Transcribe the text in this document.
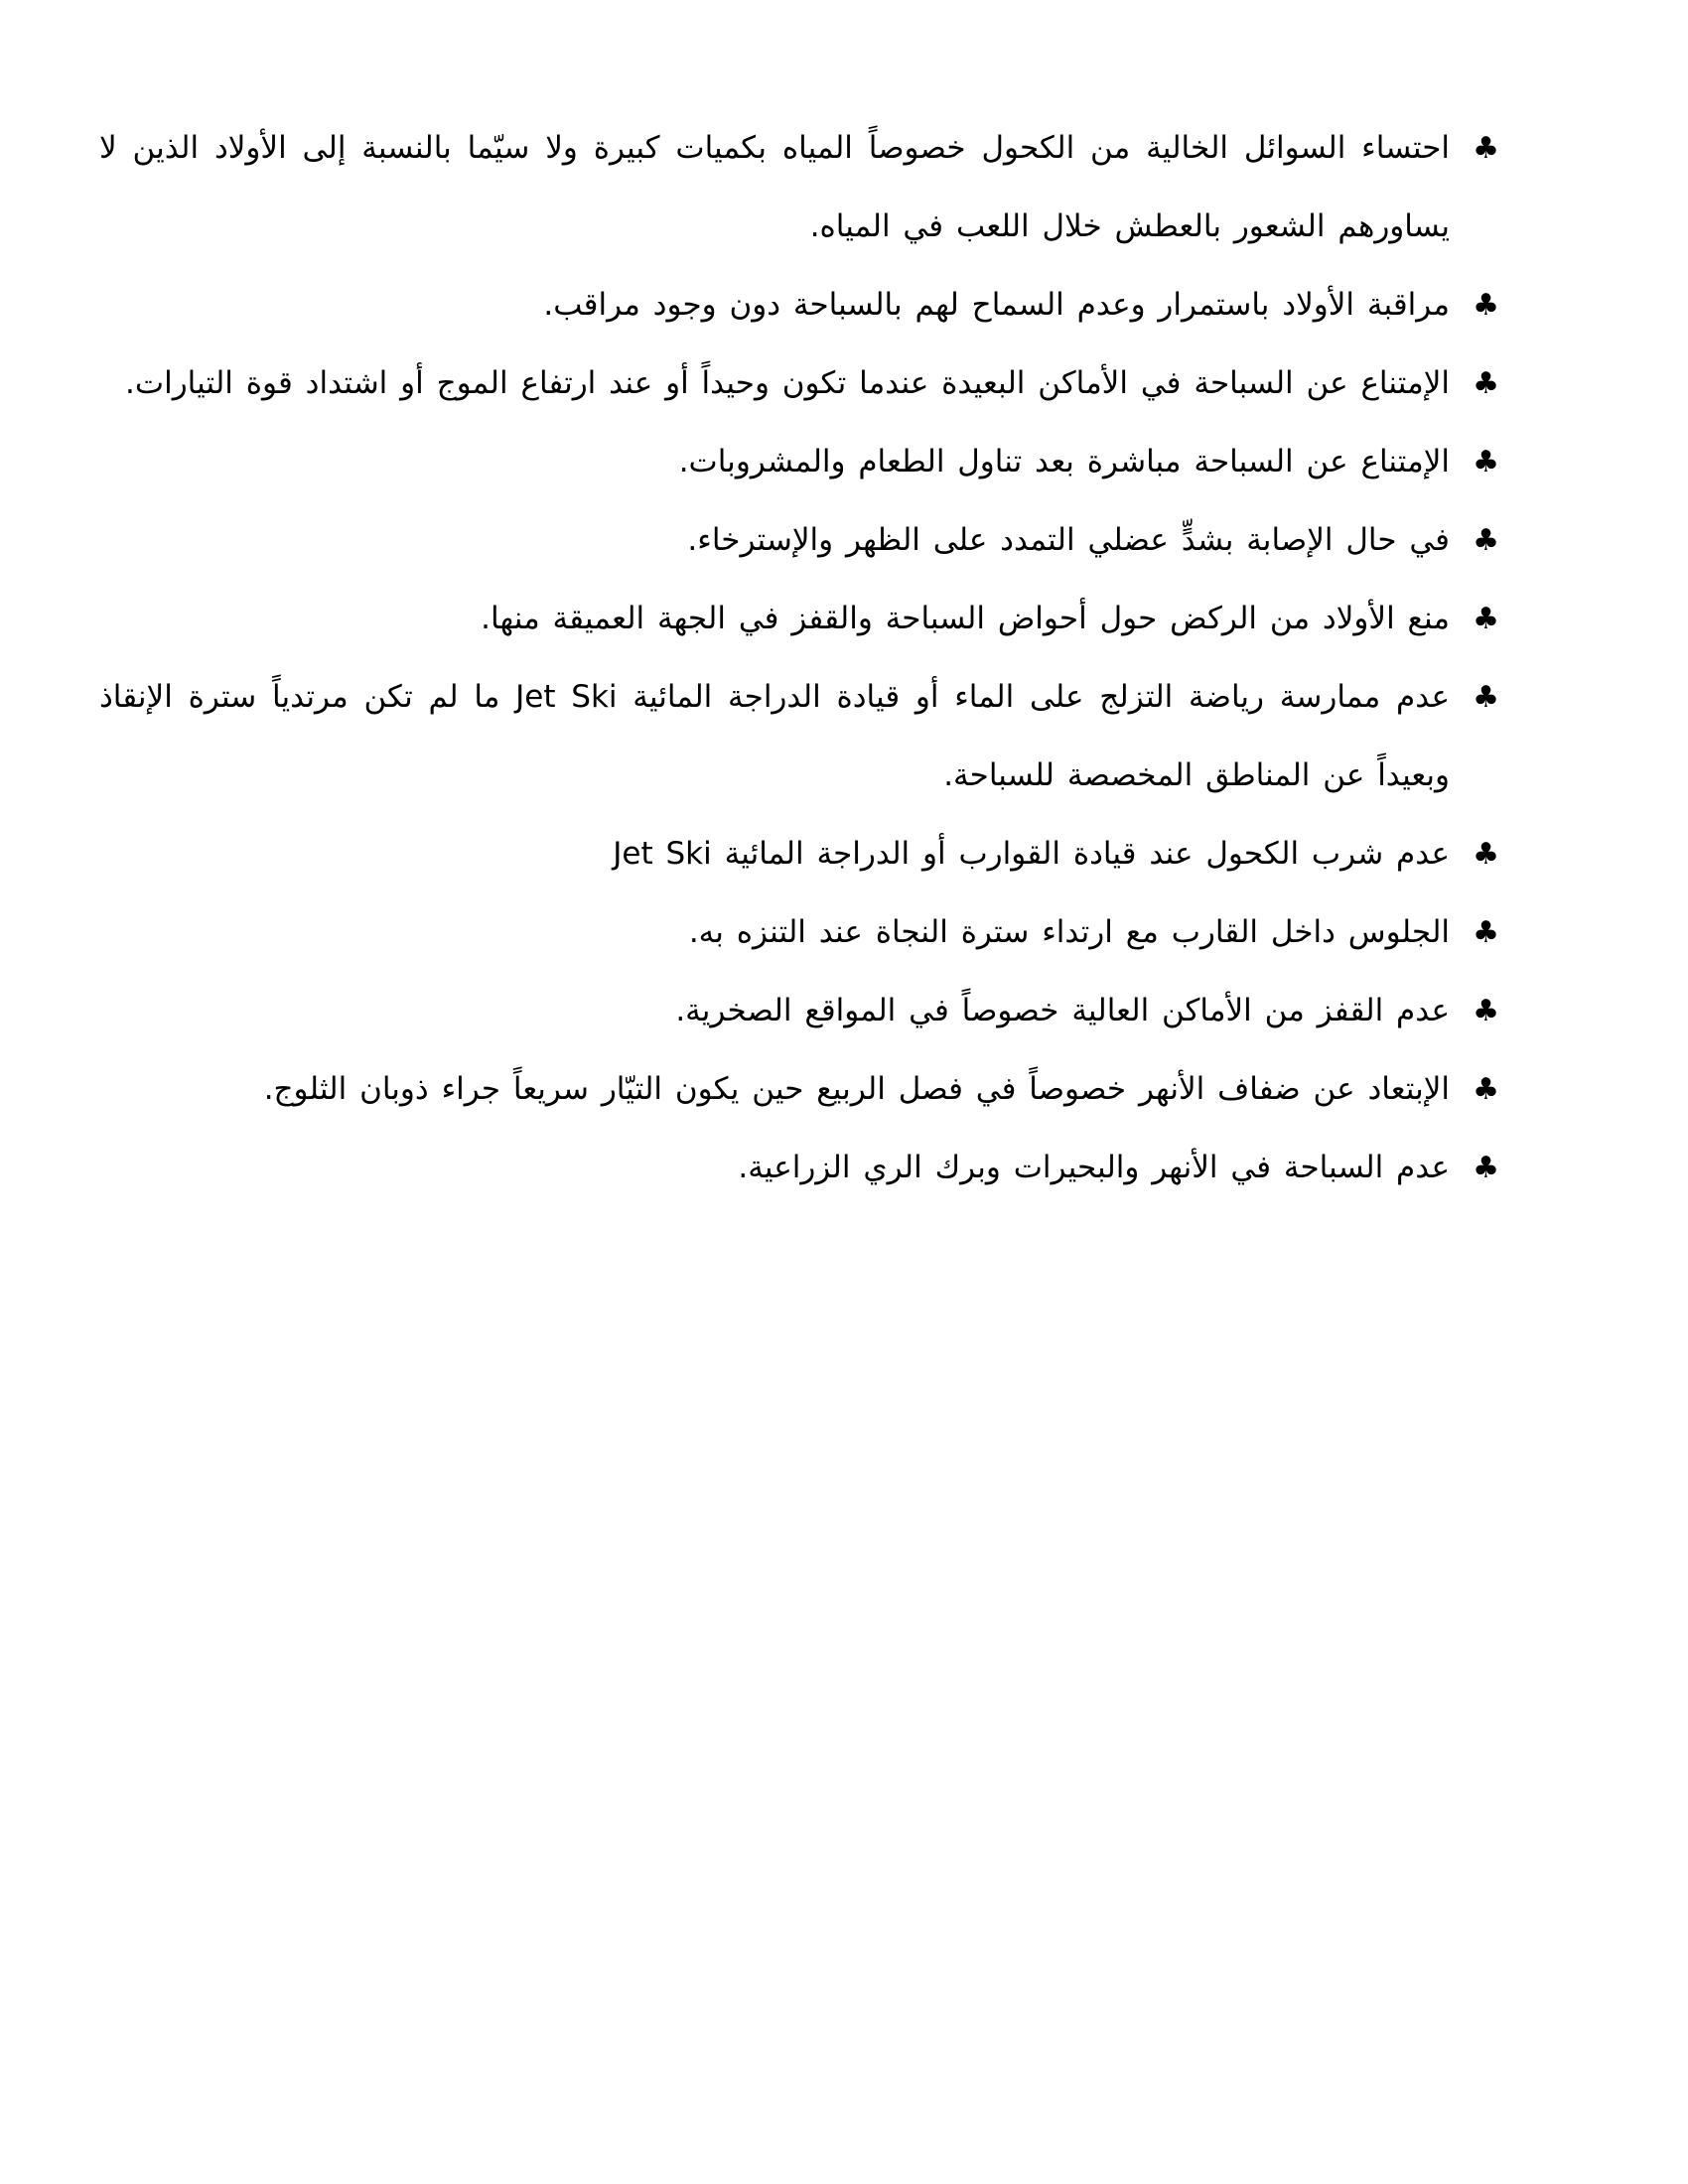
♣
احتساء السوائل الخالية من الكحول خصوصاً المياه بكميات كبيرة ولا سيّما بالنسبة إلى الأولاد الذين لا يساورهم الشعور بالعطش خلال اللعب في المياه.
♣
مراقبة الأولاد باستمرار وعدم السماح لهم بالسباحة دون وجود مراقب.
♣
الإمتناع عن السباحة في الأماكن البعيدة عندما تكون وحيداً أو عند ارتفاع الموج أو اشتداد قوة التيارات.
♣
الإمتناع عن السباحة مباشرة بعد تناول الطعام والمشروبات.
♣
في حال الإصابة بشدٍّ عضلي التمدد على الظهر والإسترخاء.
♣
منع الأولاد من الركض حول أحواض السباحة والقفز في الجهة العميقة منها.
♣
عدم ممارسة رياضة التزلج على الماء أو قيادة الدراجة المائية Jet Ski ما لم تكن مرتدياً سترة الإنقاذ وبعيداً عن المناطق المخصصة للسباحة.
♣
عدم شرب الكحول عند قيادة القوارب أو الدراجة المائية Jet Ski
♣
الجلوس داخل القارب مع ارتداء سترة النجاة عند التنزه به.
♣
عدم القفز من الأماكن العالية خصوصاً في المواقع الصخرية.
♣
الإبتعاد عن ضفاف الأنهر خصوصاً في فصل الربيع حين يكون التيّار سريعاً جراء ذوبان الثلوج.
♣
عدم السباحة في الأنهر والبحيرات وبرك الري الزراعية.
